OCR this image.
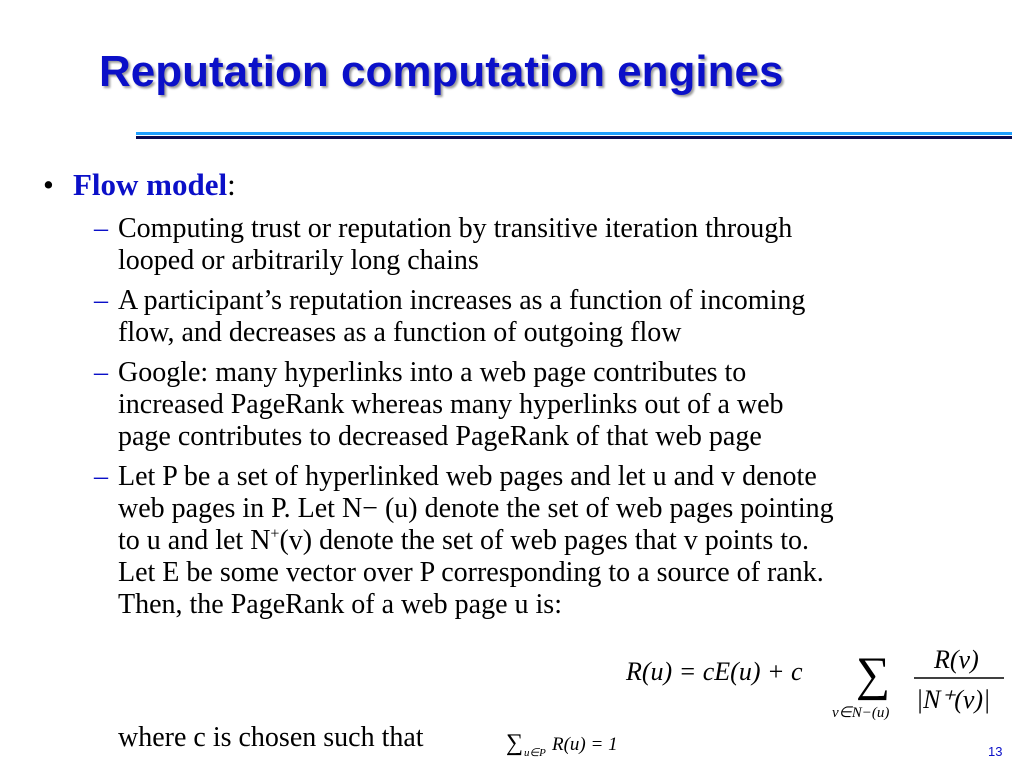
Reputation computation engines
• Flow model:
– Computing trust or reputation by transitive iteration through
looped or arbitrarily long chains
– A participant’s reputation increases as a function of incoming
flow, and decreases as a function of outgoing flow
– Google: many hyperlinks into a web page contributes to
increased PageRank whereas many hyperlinks out of a web
page contributes to decreased PageRank of that web page
– Let P be a set of hyperlinked web pages and let u and v denote
web pages in P. Let N− (u) denote the set of web pages pointing
to u and let N+(v) denote the set of web pages that v points to.
Let E be some vector over P corresponding to a source of rank.
Then, the PageRank of a web page u is:
R(u) = cE(u) + c ∑
v∈N−(u)
R(v)
|N⁺(v)|
where c is chosen such that	∑ u∈P R(u) = 1	13
